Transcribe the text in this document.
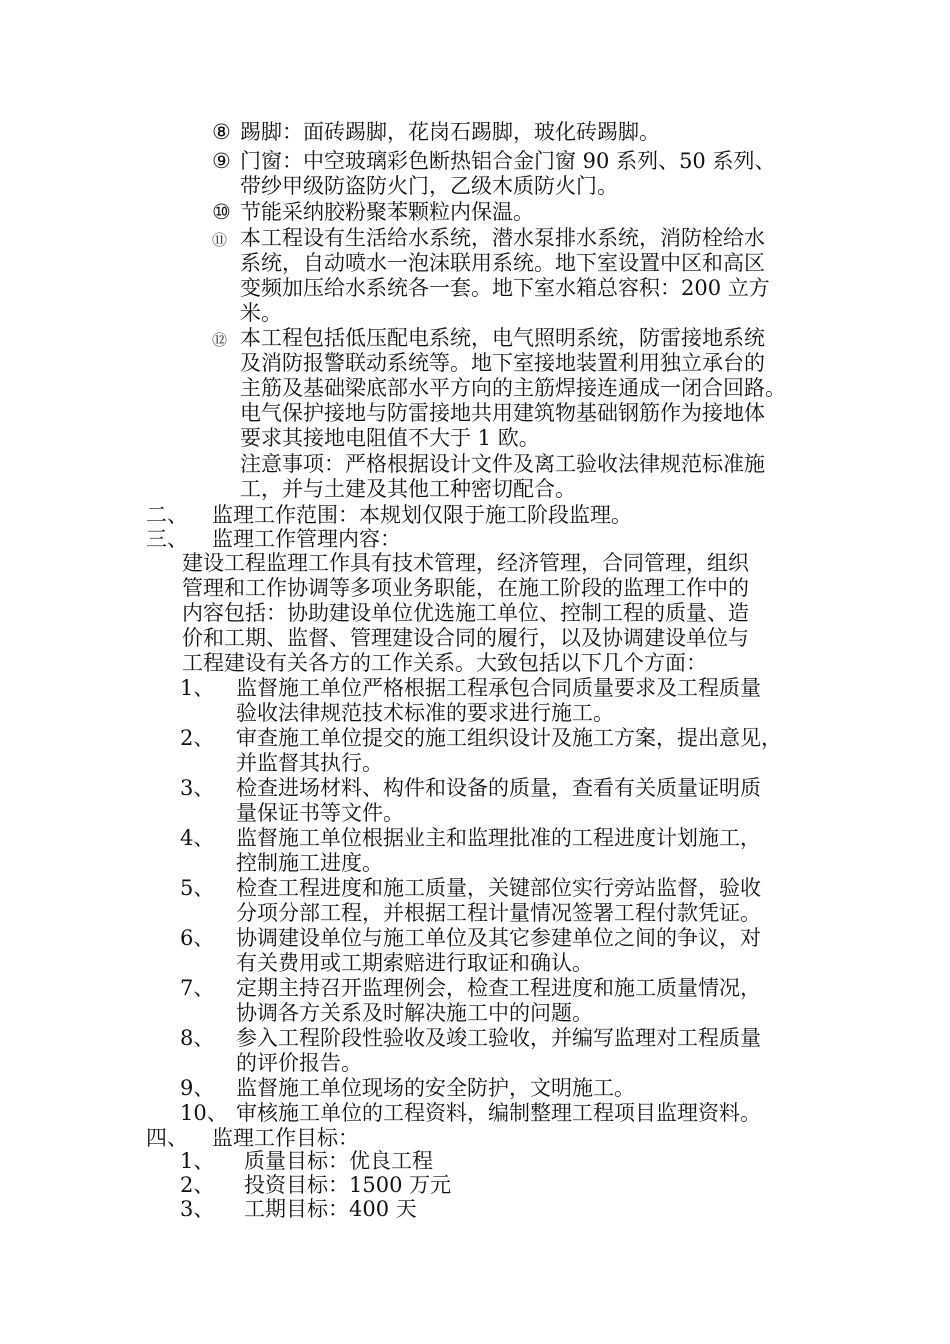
⑧ 踢脚：面砖踢脚，花岗石踢脚，玻化砖踢脚。
⑨ 门窗：中空玻璃彩色断热铝合金门窗 90 系列、50 系列、
带纱甲级防盗防火门，乙级木质防火门。
⑩ 节能采纳胶粉聚苯颗粒内保温。
⑪ 本工程设有生活给水系统，潜水泵排水系统，消防栓给水
系统，自动喷水一泡沫联用系统。地下室设置中区和高区
变频加压给水系统各一套。地下室水箱总容积：200 立方
米。
⑫ 本工程包括低压配电系统，电气照明系统，防雷接地系统
及消防报警联动系统等。地下室接地装置利用独立承台的
主筋及基础梁底部水平方向的主筋焊接连通成一闭合回路。
电气保护接地与防雷接地共用建筑物基础钢筋作为接地体
要求其接地电阻值不大于 1 欧。
注意事项：严格根据设计文件及离工验收法律规范标准施
工，并与土建及其他工种密切配合。
二、 监理工作范围：本规划仅限于施工阶段监理。
三、 监理工作管理内容：
建设工程监理工作具有技术管理，经济管理，合同管理，组织
管理和工作协调等多项业务职能，在施工阶段的监理工作中的
内容包括：协助建设单位优选施工单位、控制工程的质量、造
价和工期、监督、管理建设合同的履行，以及协调建设单位与
工程建设有关各方的工作关系。大致包括以下几个方面：
1、 监督施工单位严格根据工程承包合同质量要求及工程质量
验收法律规范技术标准的要求进行施工。
2、 审查施工单位提交的施工组织设计及施工方案，提出意见，
并监督其执行。
3、 检查进场材料、构件和设备的质量，查看有关质量证明质
量保证书等文件。
4、 监督施工单位根据业主和监理批准的工程进度计划施工，
控制施工进度。
5、 检查工程进度和施工质量，关键部位实行旁站监督，验收
分项分部工程，并根据工程计量情况签署工程付款凭证。
6、 协调建设单位与施工单位及其它参建单位之间的争议，对
有关费用或工期索赔进行取证和确认。
7、 定期主持召开监理例会，检查工程进度和施工质量情况，
协调各方关系及时解决施工中的问题。
8、 参入工程阶段性验收及竣工验收，并编写监理对工程质量
的评价报告。
9、 监督施工单位现场的安全防护，文明施工。
10、 审核施工单位的工程资料，编制整理工程项目监理资料。
四、 监理工作目标：
1、 质量目标：优良工程
2、 投资目标：1500 万元
3、 工期目标：400 天
